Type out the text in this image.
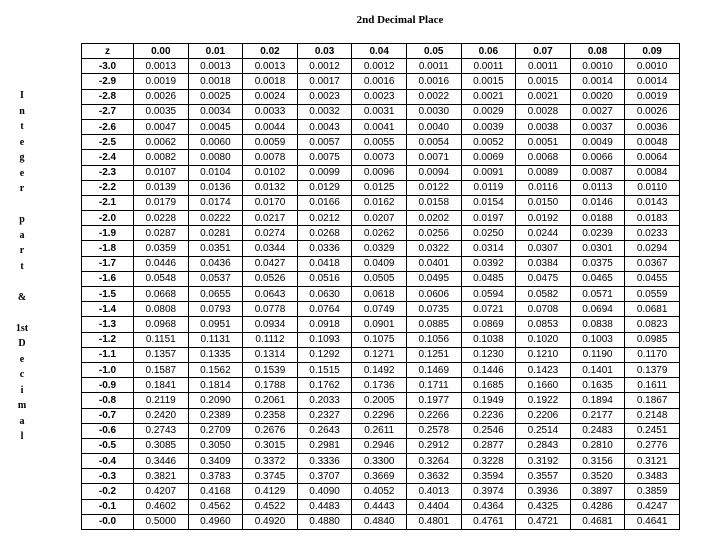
2nd Decimal Place
I
n
t
e
g
e
r
p
a
r
t
&
1st
D
e
c
i
m
a
l
z	0.00	0.01	0.02	0.03	0.04	0.05	0.06	0.07	0.08	0.09
-3.0	0.0013	0.0013	0.0013	0.0012	0.0012	0.0011	0.0011	0.0011	0.0010	0.0010
-2.9	0.0019	0.0018	0.0018	0.0017	0.0016	0.0016	0.0015	0.0015	0.0014	0.0014
-2.8	0.0026	0.0025	0.0024	0.0023	0.0023	0.0022	0.0021	0.0021	0.0020	0.0019
-2.7	0.0035	0.0034	0.0033	0.0032	0.0031	0.0030	0.0029	0.0028	0.0027	0.0026
-2.6	0.0047	0.0045	0.0044	0.0043	0.0041	0.0040	0.0039	0.0038	0.0037	0.0036
-2.5	0.0062	0.0060	0.0059	0.0057	0.0055	0.0054	0.0052	0.0051	0.0049	0.0048
-2.4	0.0082	0.0080	0.0078	0.0075	0.0073	0.0071	0.0069	0.0068	0.0066	0.0064
-2.3	0.0107	0.0104	0.0102	0.0099	0.0096	0.0094	0.0091	0.0089	0.0087	0.0084
-2.2	0.0139	0.0136	0.0132	0.0129	0.0125	0.0122	0.0119	0.0116	0.0113	0.0110
-2.1	0.0179	0.0174	0.0170	0.0166	0.0162	0.0158	0.0154	0.0150	0.0146	0.0143
-2.0	0.0228	0.0222	0.0217	0.0212	0.0207	0.0202	0.0197	0.0192	0.0188	0.0183
-1.9	0.0287	0.0281	0.0274	0.0268	0.0262	0.0256	0.0250	0.0244	0.0239	0.0233
-1.8	0.0359	0.0351	0.0344	0.0336	0.0329	0.0322	0.0314	0.0307	0.0301	0.0294
-1.7	0.0446	0.0436	0.0427	0.0418	0.0409	0.0401	0.0392	0.0384	0.0375	0.0367
-1.6	0.0548	0.0537	0.0526	0.0516	0.0505	0.0495	0.0485	0.0475	0.0465	0.0455
-1.5	0.0668	0.0655	0.0643	0.0630	0.0618	0.0606	0.0594	0.0582	0.0571	0.0559
-1.4	0.0808	0.0793	0.0778	0.0764	0.0749	0.0735	0.0721	0.0708	0.0694	0.0681
-1.3	0.0968	0.0951	0.0934	0.0918	0.0901	0.0885	0.0869	0.0853	0.0838	0.0823
-1.2	0.1151	0.1131	0.1112	0.1093	0.1075	0.1056	0.1038	0.1020	0.1003	0.0985
-1.1	0.1357	0.1335	0.1314	0.1292	0.1271	0.1251	0.1230	0.1210	0.1190	0.1170
-1.0	0.1587	0.1562	0.1539	0.1515	0.1492	0.1469	0.1446	0.1423	0.1401	0.1379
-0.9	0.1841	0.1814	0.1788	0.1762	0.1736	0.1711	0.1685	0.1660	0.1635	0.1611
-0.8	0.2119	0.2090	0.2061	0.2033	0.2005	0.1977	0.1949	0.1922	0.1894	0.1867
-0.7	0.2420	0.2389	0.2358	0.2327	0.2296	0.2266	0.2236	0.2206	0.2177	0.2148
-0.6	0.2743	0.2709	0.2676	0.2643	0.2611	0.2578	0.2546	0.2514	0.2483	0.2451
-0.5	0.3085	0.3050	0.3015	0.2981	0.2946	0.2912	0.2877	0.2843	0.2810	0.2776
-0.4	0.3446	0.3409	0.3372	0.3336	0.3300	0.3264	0.3228	0.3192	0.3156	0.3121
-0.3	0.3821	0.3783	0.3745	0.3707	0.3669	0.3632	0.3594	0.3557	0.3520	0.3483
-0.2	0.4207	0.4168	0.4129	0.4090	0.4052	0.4013	0.3974	0.3936	0.3897	0.3859
-0.1	0.4602	0.4562	0.4522	0.4483	0.4443	0.4404	0.4364	0.4325	0.4286	0.4247
-0.0	0.5000	0.4960	0.4920	0.4880	0.4840	0.4801	0.4761	0.4721	0.4681	0.4641
